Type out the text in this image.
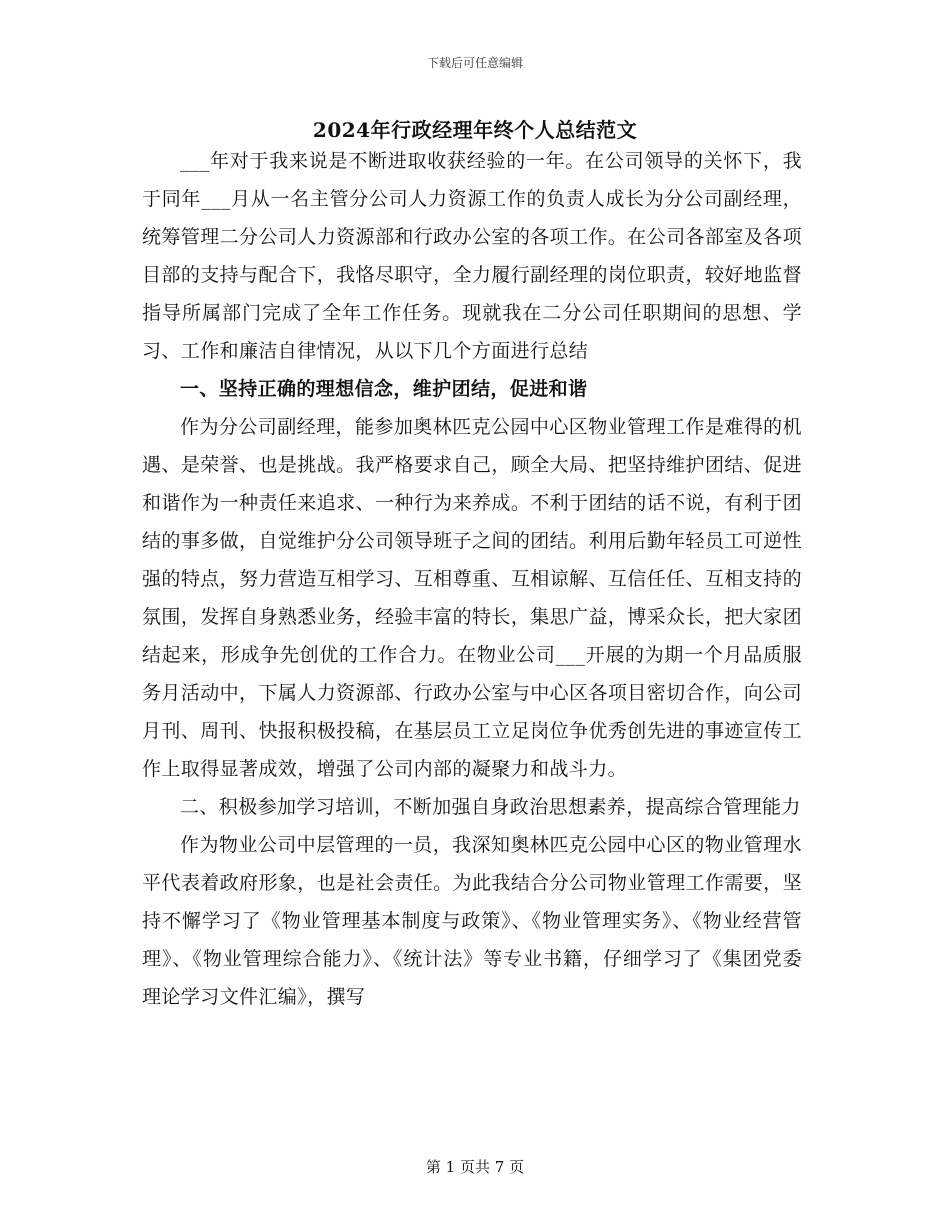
下载后可任意编辑
2024年行政经理年终个人总结范文

___年对于我来说是不断进取收获经验的一年。在公司领导的关怀下，我于同年___月从一名主管分公司人力资源工作的负责人成长为分公司副经理，统筹管理二分公司人力资源部和行政办公室的各项工作。在公司各部室及各项目部的支持与配合下，我恪尽职守，全力履行副经理的岗位职责，较好地监督指导所属部门完成了全年工作任务。现就我在二分公司任职期间的思想、学习、工作和廉洁自律情况，从以下几个方面进行总结

一、坚持正确的理想信念，维护团结，促进和谐

作为分公司副经理，能参加奥林匹克公园中心区物业管理工作是难得的机遇、是荣誉、也是挑战。我严格要求自己，顾全大局、把坚持维护团结、促进和谐作为一种责任来追求、一种行为来养成。不利于团结的话不说，有利于团结的事多做，自觉维护分公司领导班子之间的团结。利用后勤年轻员工可逆性强的特点，努力营造互相学习、互相尊重、互相谅解、互信任任、互相支持的氛围，发挥自身熟悉业务，经验丰富的特长，集思广益，博采众长，把大家团结起来，形成争先创优的工作合力。在物业公司___开展的为期一个月品质服务月活动中，下属人力资源部、行政办公室与中心区各项目密切合作，向公司月刊、周刊、快报积极投稿，在基层员工立足岗位争优秀创先进的事迹宣传工作上取得显著成效，增强了公司内部的凝聚力和战斗力。

二、积极参加学习培训，不断加强自身政治思想素养，提高综合管理能力

作为物业公司中层管理的一员，我深知奥林匹克公园中心区的物业管理水平代表着政府形象，也是社会责任。为此我结合分公司物业管理工作需要，坚持不懈学习了《物业管理基本制度与政策》、《物业管理实务》、《物业经营管理》、《物业管理综合能力》、《统计法》等专业书籍，仔细学习了《集团党委理论学习文件汇编》，撰写

第 1 页共 7 页
